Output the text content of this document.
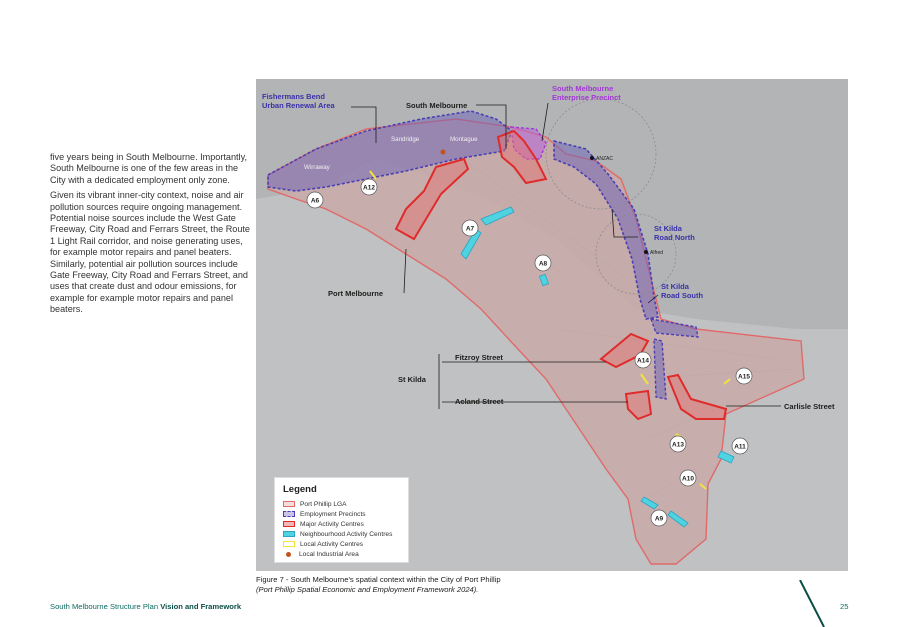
five years being in South Melbourne. Importantly, South Melbourne is one of the few areas in the City with a dedicated employment only zone.

Given its vibrant inner-city context, noise and air pollution sources require ongoing management. Potential noise sources include the West Gate Freeway, City Road and Ferrars Street, the Route 1 Light Rail corridor, and noise generating uses, for example motor repairs and panel beaters. Similarly, potential air pollution sources include Gate Freeway, City Road and Ferrars Street, and uses that create dust and odour emissions, for example for example motor repairs and panel beaters.

Wirraway
Sandridge	Montague
ANZAC
Alfred
Fishermans Bend
Urban Renewal Area	South Melbourne
South Melbourne
Enterprise Precinct
St Kilda
Road North
St Kilda
Road South
Port Melbourne
Fitzroy Street
St Kilda
Acland Street
Carlisle Street
A6
A12
A7
A8
A14
A15
A13	A11
A10
A9
Legend
Port Phillip LGA
Employment Precincts
Major Activity Centres
Neighbourhood Activity Centres
Local Activity Centres
Local Industrial Area
Figure 7 - South Melbourne's spatial context within the City of Port Phillip
(Port Phillip Spatial Economic and Employment Framework 2024).
South Melbourne Structure Plan Vision and Framework	25
